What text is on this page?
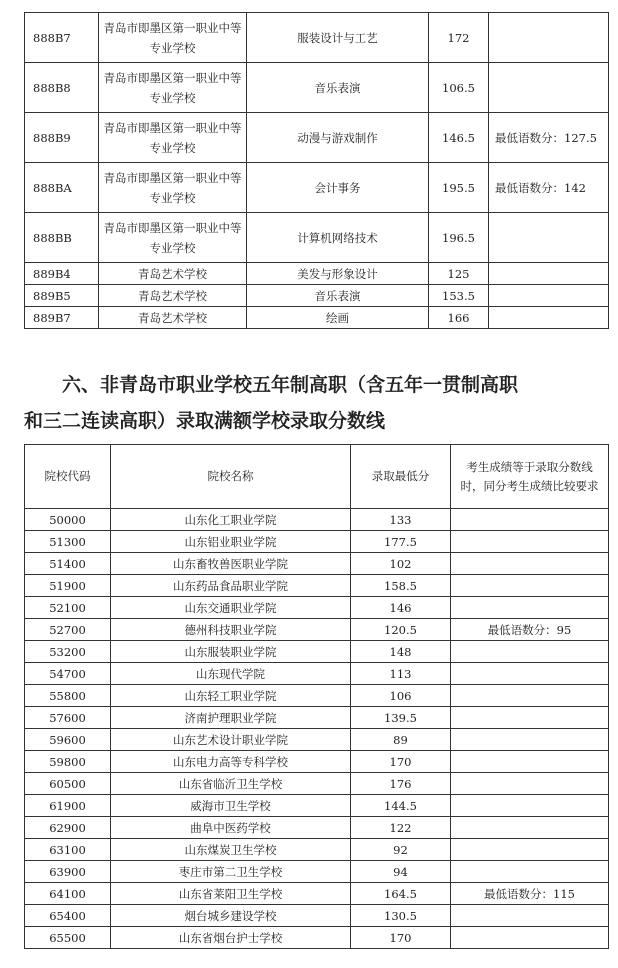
888B7	青岛市即墨区第一职业中等专业学校	服装设计与工艺	172	
888B8	青岛市即墨区第一职业中等专业学校	音乐表演	106.5	
888B9	青岛市即墨区第一职业中等专业学校	动漫与游戏制作	146.5	最低语数分：127.5
888BA	青岛市即墨区第一职业中等专业学校	会计事务	195.5	最低语数分：142
888BB	青岛市即墨区第一职业中等专业学校	计算机网络技术	196.5	
889B4	青岛艺术学校	美发与形象设计	125	
889B5	青岛艺术学校	音乐表演	153.5	
889B7	青岛艺术学校	绘画	166	
六、非青岛市职业学校五年制高职（含五年一贯制高职
和三二连读高职）录取满额学校录取分数线
院校代码	院校名称	录取最低分	考生成绩等于录取分数线时，同分考生成绩比较要求
50000	山东化工职业学院	133	
51300	山东铝业职业学院	177.5	
51400	山东畜牧兽医职业学院	102	
51900	山东药品食品职业学院	158.5	
52100	山东交通职业学院	146	
52700	德州科技职业学院	120.5	最低语数分：95
53200	山东服装职业学院	148	
54700	山东现代学院	113	
55800	山东轻工职业学院	106	
57600	济南护理职业学院	139.5	
59600	山东艺术设计职业学院	89	
59800	山东电力高等专科学校	170	
60500	山东省临沂卫生学校	176	
61900	威海市卫生学校	144.5	
62900	曲阜中医药学校	122	
63100	山东煤炭卫生学校	92	
63900	枣庄市第二卫生学校	94	
64100	山东省莱阳卫生学校	164.5	最低语数分：115
65400	烟台城乡建设学校	130.5	
65500	山东省烟台护士学校	170	
